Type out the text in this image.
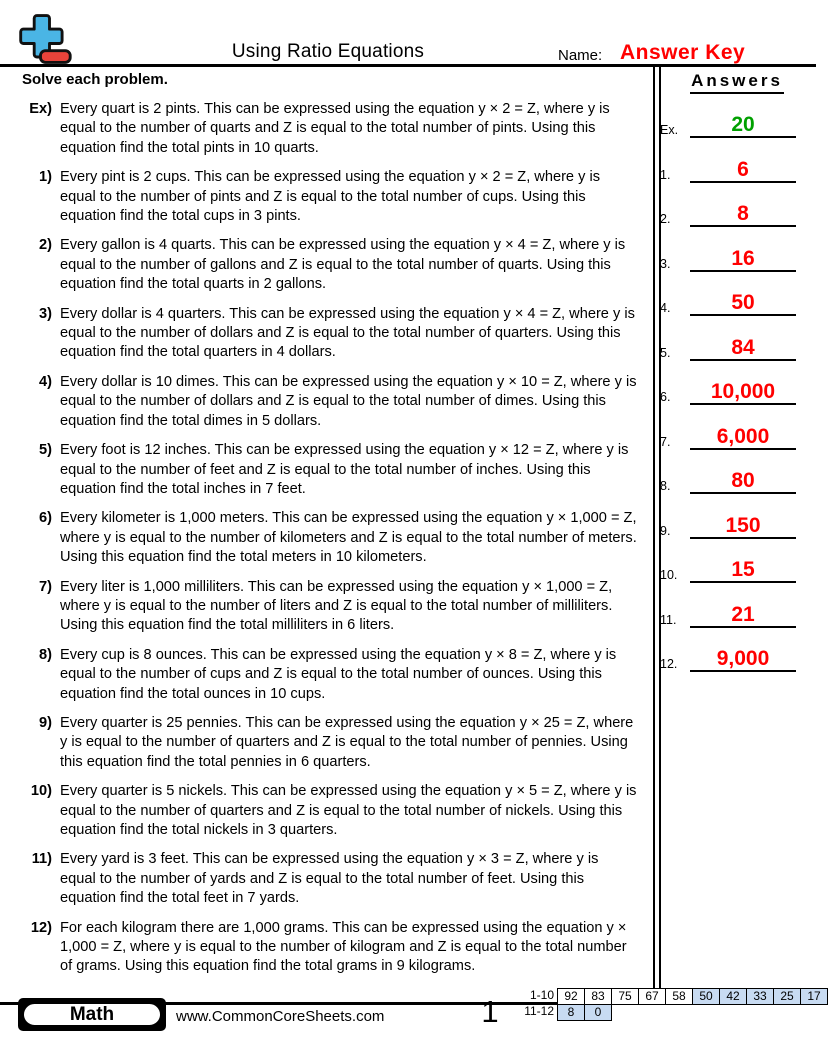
Using Ratio Equations	Name: Answer Key
Solve each problem.
Ex) Every quart is 2 pints. This can be expressed using the equation y × 2 = Z, where y is equal to the number of quarts and Z is equal to the total number of pints. Using this equation find the total pints in 10 quarts.
1) Every pint is 2 cups. This can be expressed using the equation y × 2 = Z, where y is equal to the number of pints and Z is equal to the total number of cups. Using this equation find the total cups in 3 pints.
2) Every gallon is 4 quarts. This can be expressed using the equation y × 4 = Z, where y is equal to the number of gallons and Z is equal to the total number of quarts. Using this equation find the total quarts in 2 gallons.
3) Every dollar is 4 quarters. This can be expressed using the equation y × 4 = Z, where y is equal to the number of dollars and Z is equal to the total number of quarters. Using this equation find the total quarters in 4 dollars.
4) Every dollar is 10 dimes. This can be expressed using the equation y × 10 = Z, where y is equal to the number of dollars and Z is equal to the total number of dimes. Using this equation find the total dimes in 5 dollars.
5) Every foot is 12 inches. This can be expressed using the equation y × 12 = Z, where y is equal to the number of feet and Z is equal to the total number of inches. Using this equation find the total inches in 7 feet.
6) Every kilometer is 1,000 meters. This can be expressed using the equation y × 1,000 = Z, where y is equal to the number of kilometers and Z is equal to the total number of meters. Using this equation find the total meters in 10 kilometers.
7) Every liter is 1,000 milliliters. This can be expressed using the equation y × 1,000 = Z, where y is equal to the number of liters and Z is equal to the total number of milliliters. Using this equation find the total milliliters in 6 liters.
8) Every cup is 8 ounces. This can be expressed using the equation y × 8 = Z, where y is equal to the number of cups and Z is equal to the total number of ounces. Using this equation find the total ounces in 10 cups.
9) Every quarter is 25 pennies. This can be expressed using the equation y × 25 = Z, where y is equal to the number of quarters and Z is equal to the total number of pennies. Using this equation find the total pennies in 6 quarters.
10) Every quarter is 5 nickels. This can be expressed using the equation y × 5 = Z, where y is equal to the number of quarters and Z is equal to the total number of nickels. Using this equation find the total nickels in 3 quarters.
11) Every yard is 3 feet. This can be expressed using the equation y × 3 = Z, where y is equal to the number of yards and Z is equal to the total number of feet. Using this equation find the total feet in 7 yards.
12) For each kilogram there are 1,000 grams. This can be expressed using the equation y × 1,000 = Z, where y is equal to the number of kilogram and Z is equal to the total number of grams. Using this equation find the total grams in 9 kilograms.
Answers
Ex.	20
1.	6
2.	8
3.	16
4.	50
5.	84
6.	10,000
7.	6,000
8.	80
9.	150
10.	15
11.	21
12.	9,000
Math	www.CommonCoreSheets.com	1	1-10 92	83	75	67	58	50	42	33	25	17
11-12	8	0
